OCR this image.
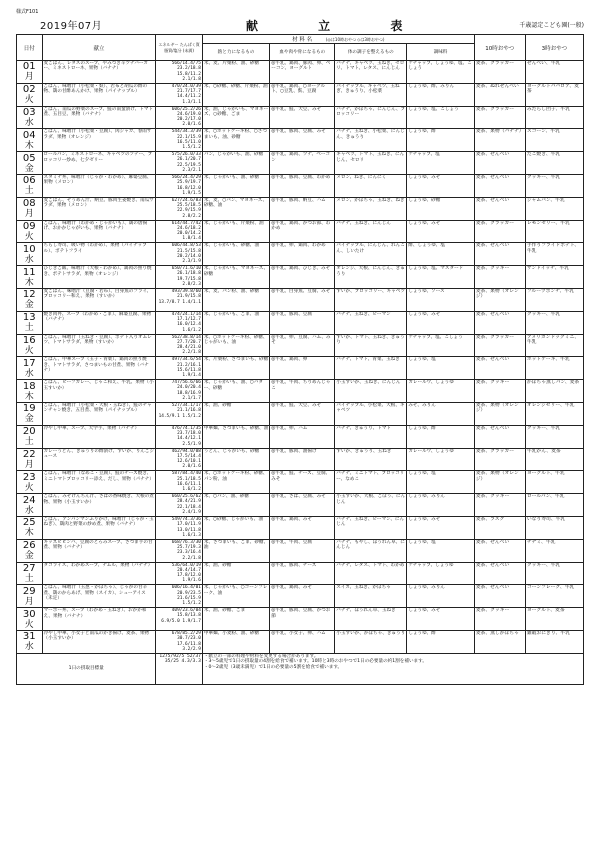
様式F101
2019年07月	献 立 表	千歳認定こども園(一般)
日付	献立	エネルギー たんぱく質 脂質/塩分 (未満)	材 料 名 (◎は10時おやつ ◇は3時おやつ)				10時おやつ	3時おやつ
			熱と力になるもの	血や肉や骨になるもの	体の調子を整えるもの	調味料		

01
月	麦ごはん、レタスのスープ、やみつき辛ツナバーガー、ミネストローネ、果物（バナナ）	566/14.4/75 23.2/18.8 15.8/11.2 2.1/1.8	米、麦、片栗粉、油、砂糖	◎牛乳、鶏肉、豚肉、卵、ベーコン、ヨーグルト	バナナ、キャベツ、玉ねぎ、セロリ、トマト、レタス、にんじん	ケチャップ、しょうゆ、塩、こしょう	麦茶、クラッカー	せんべい、牛乳

02
火	ごはん、味噌汁（小松菜・麩）、若布と胡瓜の酢の物、鶏の甘酢あんかけ、果物（パイナップル）	470/24.0/39 21.7/17.7 14.4/11.2 1.3/1.1	米、○砂糖、砂糖、片栗粉、油	◎牛乳、鶏肉、○ヨーグルト、○豆乳、麩、豆腐	パイナップル、キャベツ、玉ねぎ、きゅうり、小松菜	しょうゆ、酢、みりん	麦茶、ぬれせんべい	ヨーグルトババロア、麦茶

03
水	ごはん、南瓜の野菜のスープ、鮭の南蛮漬け、トマト煮、五目豆、果物（バナナ）	606/25.2/26 24.6/19.0 20.2/17.0 2.0/1.6	米、油、じゃがいも、マヨネーズ、○砂糖、ごま	◎牛乳、鮭、大豆、みそ	バナナ、かぼちゃ、にんじん、ブロッコリー	しょうゆ、塩、こしょう	麦茶、クラッカー	みたらし団子、牛乳

04
木	ごはん、味噌汁（小松菜・豆腐）、肉ジャガ、春雨サラダ、果物（オレンジ）	544/34.3/39 22.1/15.9 16.5/11.0 1.5/1.2	米、○ホットケーキ粉、○さつまいも、油、砂糖	◎牛乳、豚肉、豆腐、みそ	バナナ、玉ねぎ、小松菜、にんじん、きゅうり	しょうゆ、酢	麦茶、果物（バナナ）	スコーン、牛乳

05
金	ロールパン、ミネストローネ、キャベツのソテー、ブロッコリー炒め、七夕ゼリー	575/26.0/33 26.1/20.7 22.5/19.5 2.3/2.1	パン、じゃがいも、油、砂糖	◎牛乳、鶏肉、ツナ、ベーコン	キャベツ、トマト、玉ねぎ、にんじん、セロリ	ケチャップ、塩	麦茶、せんべい	たこ焼き、牛乳

06
土	スタミナ丼、味噌汁（じゃが・わかめ）、麻婆豆腐、果物（メロン）	566/24.4/29 25.9/19.7 16.8/12.0 1.9/1.5	米、じゃがいも、油、砂糖	◎牛乳、豚肉、豆腐、わかめ	メロン、ねぎ、にんにく	しょうゆ、みそ	麦茶、せんべい	クッキー、牛乳

08
月	麦ごはん、そうめん汁、納豆、豚肉生姜焼き、南瓜サラダ、果物（メロン）	627/24.6/83 25.5/18.5 22.9/15.9 2.8/2.2	米、麦、○パン、マヨネーズ、砂糖、油	◎牛乳、豚肉、納豆、ハム	メロン、かぼちゃ、玉ねぎ、ねぎ	しょうゆ、砂糖	麦茶、せんべい	ジャムパン、牛乳

09
火	ごはん、味噌汁（わかめ・じゃがいも）、鶏の唐揚げ、おかかじゃがいも、果物（バナナ）	614/44.7/42 24.6/18.2 20.0/14.2 1.8/1.4	米、じゃがいも、片栗粉、油	◎牛乳、鶏肉、かつお節、わかめ	バナナ、玉ねぎ、にんじん	しょうゆ、みそ	麦茶、クラッカー	レモンゼリー、牛乳

10
水	ちらし寿司、吸い物（わかめ）、果物（パイナップル）、ポテトフライ	606/44.8/53 21.5/15.8 20.2/14.0 2.3/1.9	米、じゃがいも、砂糖、油	◎牛乳、卵、鶏肉、わかめ	パイナップル、にんじん、れんこん、しいたけ	酢、しょうゆ、塩	麦茶、せんべい	手作りフライドポテト、牛乳

11
木	ひじきご飯、味噌汁（大根・わかめ）、鶏肉の照り焼き、ポテトサラダ、果物（オレンジ）	650/71.6/10 26.1/18.8 19.7/15.8 2.8/2.3	米、じゃがいも、マヨネーズ、砂糖	◎牛乳、鶏肉、ひじき、みそ	オレンジ、大根、にんじん、きゅうり	しょうゆ、塩、マスタード	麦茶、クッキー	サンドイッチ、牛乳

12
金	麦ごはん、味噌汁（豆腐・若布）、白身魚のフライ、ブロッコリー和え、果物（すいか）	493/39.8/60 21.9/15.8 13.7/8.7 1.4/1.1	米、麦、パン粉、油、砂糖	◎牛乳、白身魚、豆腐、みそ	すいか、ブロッコリー、キャベツ	しょうゆ、ソース	麦茶、果物（オレンジ）	フルーツポンチ、牛乳

13
土	焼き肉丼、スープ（わかめ・ごま）、麻婆豆腐、果物（バナナ）	474/24.1/14 17.1/12.7 16.0/12.4 1.6/1.2	米、じゃがいも、ごま、油	◎牛乳、豚肉、豆腐	バナナ、玉ねぎ、ピーマン	しょうゆ、みそ	麦茶、せんべい	クッキー、牛乳

16
火	ごはん、味噌汁（玉ねぎ・豆腐）、ポテト入りオムレツ、トマトサラダ、果物（すいか）	562/38.8/14 27.7/20.7 28.4/21.0 2.2/1.8	米、○ホットケーキ粉、砂糖、じゃがいも、油	◎牛乳、卵、豆腐、ハム、みそ	すいか、トマト、玉ねぎ、きゅうり	ケチャップ、塩、こしょう	麦茶、クラッカー	アメリカンドッグミニ、牛乳

17
水	ごはん、中華スープ（玉子・青菜）、鶏肉の照り焼き、トマトサラダ、さつまいもの甘煮、果物（バナナ）	497/34.6/54 21.2/16.1 15.6/11.8 1.9/1.4	米、片栗粉、さつまいも、砂糖	◎牛乳、鶏肉、卵	バナナ、トマト、青菜、玉ねぎ	しょうゆ、塩	麦茶、せんべい	ホットケーキ、牛乳

18
木	ごはん、ビーフカレー、じゃこ和え、牛乳、果物（小玉すいか）	747/56.6/66 24.0/20.4 18.8/16.9 2.1/1.7	米、じゃがいも、油、○バター、砂糖	◎牛乳、牛肉、ちりめんじゃこ	小玉すいか、玉ねぎ、にんじん	カレールウ、しょうゆ	麦茶、クッキー	かぼちゃ蒸しパン、麦茶

19
金	ごはん、味噌汁（小松菜・大根・玉ねぎ）、鮭のチャンチャン焼き、五目煮、果物（パイナップル）	527/34.1/17 21.1/16.8 14.5/9.1 1.5/1.2	米、油、砂糖	◎牛乳、鮭、大豆、みそ	パイナップル、小松菜、大根、キャベツ	みそ、みりん	麦茶、果物（オレンジ）	オレンジゼリー、牛乳

20
土	冷やし中華、スープ、大学芋、果物（バナナ）	476/74.1/35 23.7/18.0 14.4/12.1 2.5/1.9	中華麺、さつまいも、砂糖、油	◎牛乳、卵、ハム	バナナ、きゅうり、トマト	しょうゆ、酢	麦茶、せんべい	クッキー、牛乳

22
月	カレーうどん、きゅうりの酢漬け、すいか、りんごジュース	462/94.0/08 17.5/14.4 12.6/10.1 2.0/1.6	うどん、じゃがいも、砂糖	◎牛乳、豚肉、油揚げ	すいか、きゅうり、玉ねぎ	カレールウ、しょうゆ	麦茶、クラッカー	牛乳かん、麦茶

23
火	ごはん、味噌汁（なめこ・豆腐）、鮭のチーズ焼き、ミニトマトブロッコリー添え、だし、果物（パナナ）	587/84.4/40 25.1/18.5 16.6/11.1 1.6/1.2	米、○ホットケーキ粉、砂糖、パン粉、油	◎牛乳、鮭、チーズ、豆腐、みそ	バナナ、ミニトマト、ブロッコリー、なめこ	しょうゆ、塩	麦茶、果物（オレンジ）	ヨーグルト、牛乳

24
水	ごはん、みそけんちん汁、さばの香味焼き、大根の煮物、果物（小玉すいか）	660/25.6/62 28.4/21.9 22.1/18.4 2.4/1.9	米、○パン、油、砂糖	◎牛乳、さば、豆腐、みそ	小玉すいか、大根、ごぼう、にんじん	しょうゆ、みりん	麦茶、クッキー	ロールパン、牛乳

25
木	ごはん、アンパンマンふりかけ、味噌汁（じゃが・玉ねぎ）、鶏肉と野菜の炒め煮、果物（バナナ）	549/74.3/36 17.0/11.9 13.0/11.8 1.6/1.3	米、○砂糖、じゃがいも、油	◎牛乳、鶏肉、みそ	バナナ、玉ねぎ、ピーマン、にんじん	しょうゆ、みそ	麦茶、ラスク	いなり寿司、牛乳

26
金	キッズビビンバ、豆腐のとろみスープ、さつま芋の甘煮、果物（バナナ）	668/76.3/30 25.7/19.3 23.3/16.4 2.2/1.8	米、さつまいも、ごま、砂糖、油	◎牛乳、牛肉、豆腐	バナナ、もやし、ほうれん草、にんじん	しょうゆ、塩	麦茶、せんべい	チヂミ、牛乳

27
土	タコライス、わかめスープ、ナムル、果物（バナナ）	536/64.0/19 20.4/14.7 17.8/12.0 1.9/1.6	米、油、砂糖	◎牛乳、豚肉、チーズ	バナナ、レタス、トマト、わかめ	ケチャップ、しょうゆ	麦茶、せんべい	クッキー、牛乳

29
月	ごはん、味噌汁（玉葱・かぼちゃ）、じゃがの甘辛煮、鶏のからあげ、果物（スイカ）、シューアイス（未定）	606/16.4/01 20.9/23.5 21.6/15.9 1.5/1.2	米、じゃがいも、○コーンフレーク、油	◎牛乳、鶏肉、みそ	スイカ、玉ねぎ、かぼちゃ	しょうゆ、みりん	麦茶、せんべい	コーンフレーク、牛乳

30
火	マーボー丼、スープ（わかめ・玉ねぎ）、おかか和え、果物（バナナ）	409/23.6/04 15.8/13.8 6.9/5.0 1.9/1.7	米、油、砂糖、ごま	◎牛乳、豚肉、豆腐、かつお節	バナナ、ほうれん草、玉ねぎ	しょうゆ、みそ	麦茶、クッキー	ヨーグルト、麦茶

31
水	冷やし中華、小女子と南瓜のかき揚げ、麦茶、果物（小玉すいか）	678/85.2/29 30.7/23.0 17.6/11.8 3.2/2.9	中華麺、小麦粉、油、砂糖	◎牛乳、小女子、卵、ハム	小玉すいか、かぼちゃ、きゅうり	しょうゆ、酢	麦茶、蒸しかぼちゃ	雑穀おにぎり、牛乳
1日の摂取目標量		1275/92/5 52/37 35/25 4.3/3.3	・献立の一部の料理や材料を変更する場合があります。
・3〜5歳児で1日の摂取量の4割を給食で補います。10時と3時のおやつで1日の必要量の約1割を補います。
・0〜2歳児（3歳未満児）で1日の必要量の5割を給食で補います。					
